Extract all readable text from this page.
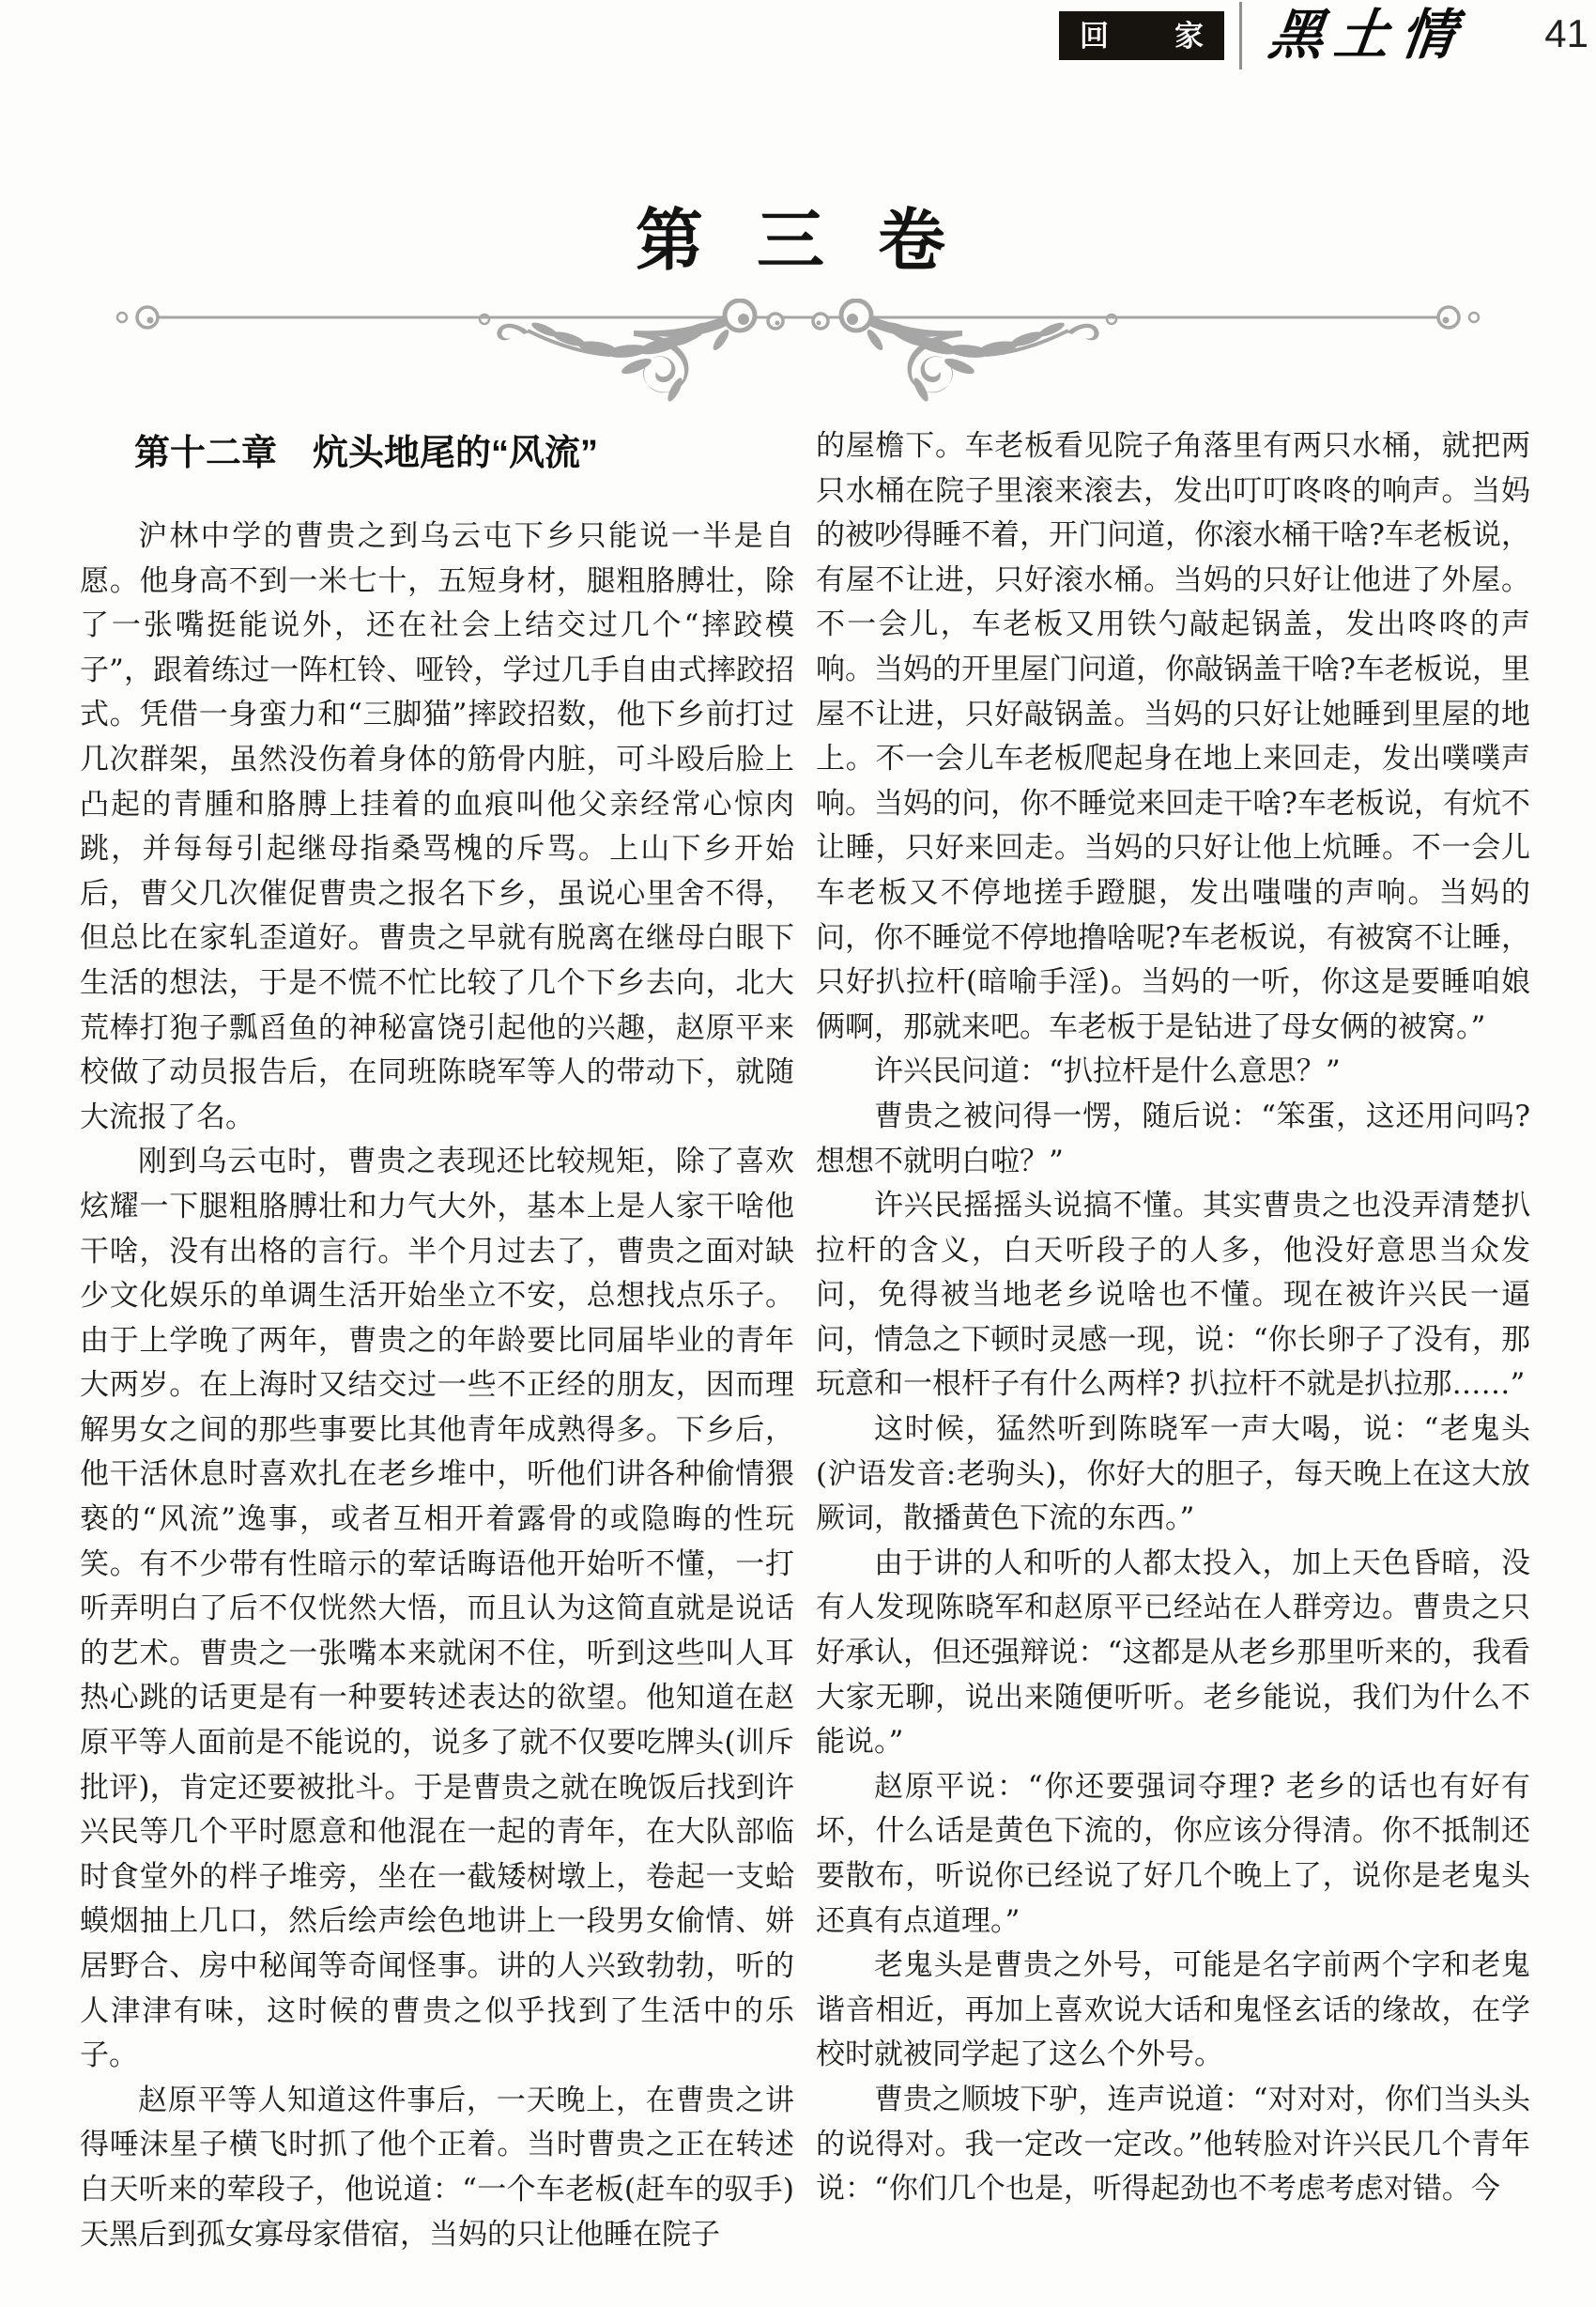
回 家 黑土情 41
第 三 卷
第十二章　炕头地尾的“风流”

沪林中学的曹贵之到乌云屯下乡只能说一半是自愿。他身高不到一米七十，五短身材，腿粗胳膊壮，除了一张嘴挺能说外，还在社会上结交过几个“摔跤模子”，跟着练过一阵杠铃、哑铃，学过几手自由式摔跤招式。凭借一身蛮力和“三脚猫”摔跤招数，他下乡前打过几次群架，虽然没伤着身体的筋骨内脏，可斗殴后脸上凸起的青腫和胳膊上挂着的血痕叫他父亲经常心惊肉跳，并每每引起继母指桑骂槐的斥骂。上山下乡开始后，曹父几次催促曹贵之报名下乡，虽说心里舍不得，但总比在家轧歪道好。曹贵之早就有脱离在继母白眼下生活的想法，于是不慌不忙比较了几个下乡去向，北大荒棒打狍子瓢舀鱼的神秘富饶引起他的兴趣，赵原平来校做了动员报告后，在同班陈晓军等人的带动下，就随大流报了名。

刚到乌云屯时，曹贵之表现还比较规矩，除了喜欢炫耀一下腿粗胳膊壮和力气大外，基本上是人家干啥他干啥，没有出格的言行。半个月过去了，曹贵之面对缺少文化娱乐的单调生活开始坐立不安，总想找点乐子。由于上学晚了两年，曹贵之的年龄要比同届毕业的青年大两岁。在上海时又结交过一些不正经的朋友，因而理解男女之间的那些事要比其他青年成熟得多。下乡后，他干活休息时喜欢扎在老乡堆中，听他们讲各种偷情猥亵的“风流”逸事，或者互相开着露骨的或隐晦的性玩笑。有不少带有性暗示的荤话晦语他开始听不懂，一打听弄明白了后不仅恍然大悟，而且认为这简直就是说话的艺术。曹贵之一张嘴本来就闲不住，听到这些叫人耳热心跳的话更是有一种要转述表达的欲望。他知道在赵原平等人面前是不能说的，说多了就不仅要吃牌头(训斥批评)，肯定还要被批斗。于是曹贵之就在晚饭后找到许兴民等几个平时愿意和他混在一起的青年，在大队部临时食堂外的柈子堆旁，坐在一截矮树墩上，卷起一支蛤蟆烟抽上几口，然后绘声绘色地讲上一段男女偷情、姘居野合、房中秘闻等奇闻怪事。讲的人兴致勃勃，听的人津津有味，这时候的曹贵之似乎找到了生活中的乐子。

赵原平等人知道这件事后，一天晚上，在曹贵之讲得唾沫星子横飞时抓了他个正着。当时曹贵之正在转述白天听来的荤段子，他说道：“一个车老板(赶车的驭手)天黑后到孤女寡母家借宿，当妈的只让他睡在院子

的屋檐下。车老板看见院子角落里有两只水桶，就把两只水桶在院子里滚来滚去，发出叮叮咚咚的响声。当妈的被吵得睡不着，开门问道，你滚水桶干啥?车老板说，有屋不让进，只好滚水桶。当妈的只好让他进了外屋。不一会儿，车老板又用铁勺敲起锅盖，发出咚咚的声响。当妈的开里屋门问道，你敲锅盖干啥?车老板说，里屋不让进，只好敲锅盖。当妈的只好让她睡到里屋的地上。不一会儿车老板爬起身在地上来回走，发出噗噗声响。当妈的问，你不睡觉来回走干啥?车老板说，有炕不让睡，只好来回走。当妈的只好让他上炕睡。不一会儿车老板又不停地搓手蹬腿，发出嗤嗤的声响。当妈的问，你不睡觉不停地撸啥呢?车老板说，有被窝不让睡，只好扒拉杆(暗喻手淫)。当妈的一听，你这是要睡咱娘俩啊，那就来吧。车老板于是钻进了母女俩的被窝。”

许兴民问道：“扒拉杆是什么意思？”

曹贵之被问得一愣，随后说：“笨蛋，这还用问吗?想想不就明白啦？”

许兴民摇摇头说搞不懂。其实曹贵之也没弄清楚扒拉杆的含义，白天听段子的人多，他没好意思当众发问，免得被当地老乡说啥也不懂。现在被许兴民一逼问，情急之下顿时灵感一现，说：“你长卵子了没有，那玩意和一根杆子有什么两样? 扒拉杆不就是扒拉那……”

这时候，猛然听到陈晓军一声大喝，说：“老鬼头(沪语发音:老驹头)，你好大的胆子，每天晚上在这大放厥词，散播黄色下流的东西。”

由于讲的人和听的人都太投入，加上天色昏暗，没有人发现陈晓军和赵原平已经站在人群旁边。曹贵之只好承认，但还强辩说：“这都是从老乡那里听来的，我看大家无聊，说出来随便听听。老乡能说，我们为什么不能说。”

赵原平说：“你还要强词夺理? 老乡的话也有好有坏，什么话是黄色下流的，你应该分得清。你不抵制还要散布，听说你已经说了好几个晚上了，说你是老鬼头还真有点道理。”

老鬼头是曹贵之外号，可能是名字前两个字和老鬼谐音相近，再加上喜欢说大话和鬼怪玄话的缘故，在学校时就被同学起了这么个外号。

曹贵之顺坡下驴，连声说道：“对对对，你们当头头的说得对。我一定改一定改。”他转脸对许兴民几个青年说：“你们几个也是，听得起劲也不考虑考虑对错。今
